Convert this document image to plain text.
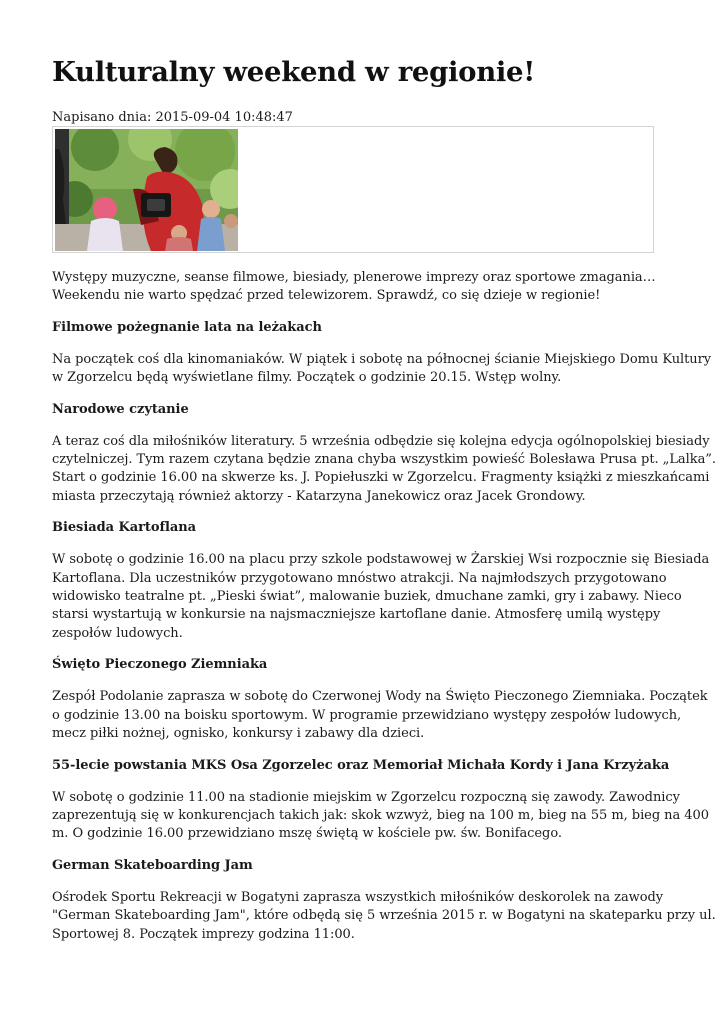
Kulturalny weekend w regionie!
Napisano dnia: 2015-09-04 10:48:47

Występy muzyczne, seanse filmowe, biesiady, plenerowe imprezy oraz sportowe zmagania…
Weekendu nie warto spędzać przed telewizorem. Sprawdź, co się dzieje w regionie!

Filmowe pożegnanie lata na leżakach

Na początek coś dla kinomaniaków. W piątek i sobotę na północnej ścianie Miejskiego Domu Kultury
w Zgorzelcu będą wyświetlane filmy. Początek o godzinie 20.15. Wstęp wolny.

Narodowe czytanie

A teraz coś dla miłośników literatury. 5 września odbędzie się kolejna edycja ogólnopolskiej biesiady
czytelniczej. Tym razem czytana będzie znana chyba wszystkim powieść Bolesława Prusa pt. „Lalka”.
Start o godzinie 16.00 na skwerze ks. J. Popiełuszki w Zgorzelcu. Fragmenty książki z mieszkańcami
miasta przeczytają również aktorzy - Katarzyna Janekowicz oraz Jacek Grondowy.

Biesiada Kartoflana

W sobotę o godzinie 16.00 na placu przy szkole podstawowej w Żarskiej Wsi rozpocznie się Biesiada
Kartoflana. Dla uczestników przygotowano mnóstwo atrakcji. Na najmłodszych przygotowano
widowisko teatralne pt. „Pieski świat”, malowanie buziek, dmuchane zamki, gry i zabawy. Nieco
starsi wystartują w konkursie na najsmaczniejsze kartoflane danie. Atmosferę umilą występy
zespołów ludowych.

Święto Pieczonego Ziemniaka

Zespół Podolanie zaprasza w sobotę do Czerwonej Wody na Święto Pieczonego Ziemniaka. Początek
o godzinie 13.00 na boisku sportowym. W programie przewidziano występy zespołów ludowych,
mecz piłki nożnej, ognisko, konkursy i zabawy dla dzieci.

55-lecie powstania MKS Osa Zgorzelec oraz Memoriał Michała Kordy i Jana Krzyżaka

W sobotę o godzinie 11.00 na stadionie miejskim w Zgorzelcu rozpoczną się zawody. Zawodnicy
zaprezentują się w konkurencjach takich jak: skok wzwyż, bieg na 100 m, bieg na 55 m, bieg na 400
m. O godzinie 16.00 przewidziano mszę świętą w kościele pw. św. Bonifacego.

German Skateboarding Jam

Ośrodek Sportu Rekreacji w Bogatyni zaprasza wszystkich miłośników deskorolek na zawody
"German Skateboarding Jam", które odbędą się 5 września 2015 r. w Bogatyni na skateparku przy ul.
Sportowej 8. Początek imprezy godzina 11:00.
